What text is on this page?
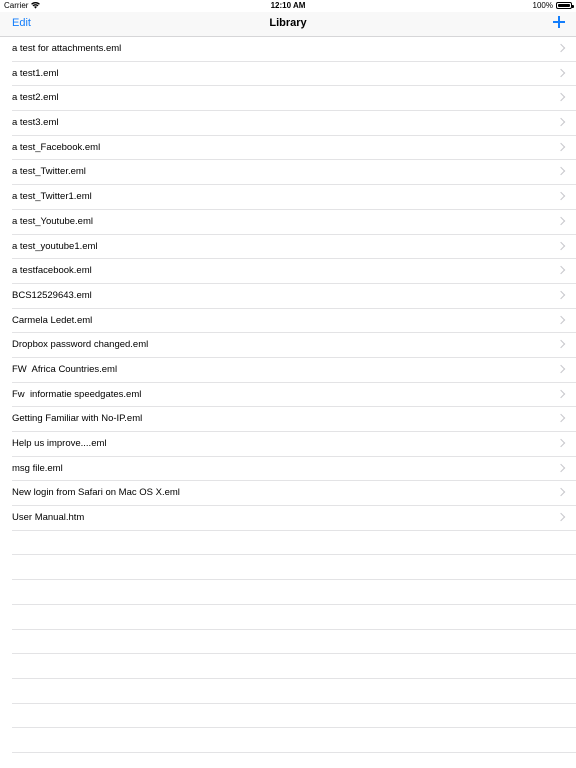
Carrier	12:10 AM	100%
Edit	Library
a test for attachments.eml
a test1.eml
a test2.eml
a test3.eml
a test_Facebook.eml
a test_Twitter.eml
a test_Twitter1.eml
a test_Youtube.eml
a test_youtube1.eml
a testfacebook.eml
BCS12529643.eml
Carmela Ledet.eml
Dropbox password changed.eml
FW  Africa Countries.eml
Fw  informatie speedgates.eml
Getting Familiar with No-IP.eml
Help us improve....eml
msg file.eml
New login from Safari on Mac OS X.eml
User Manual.htm
